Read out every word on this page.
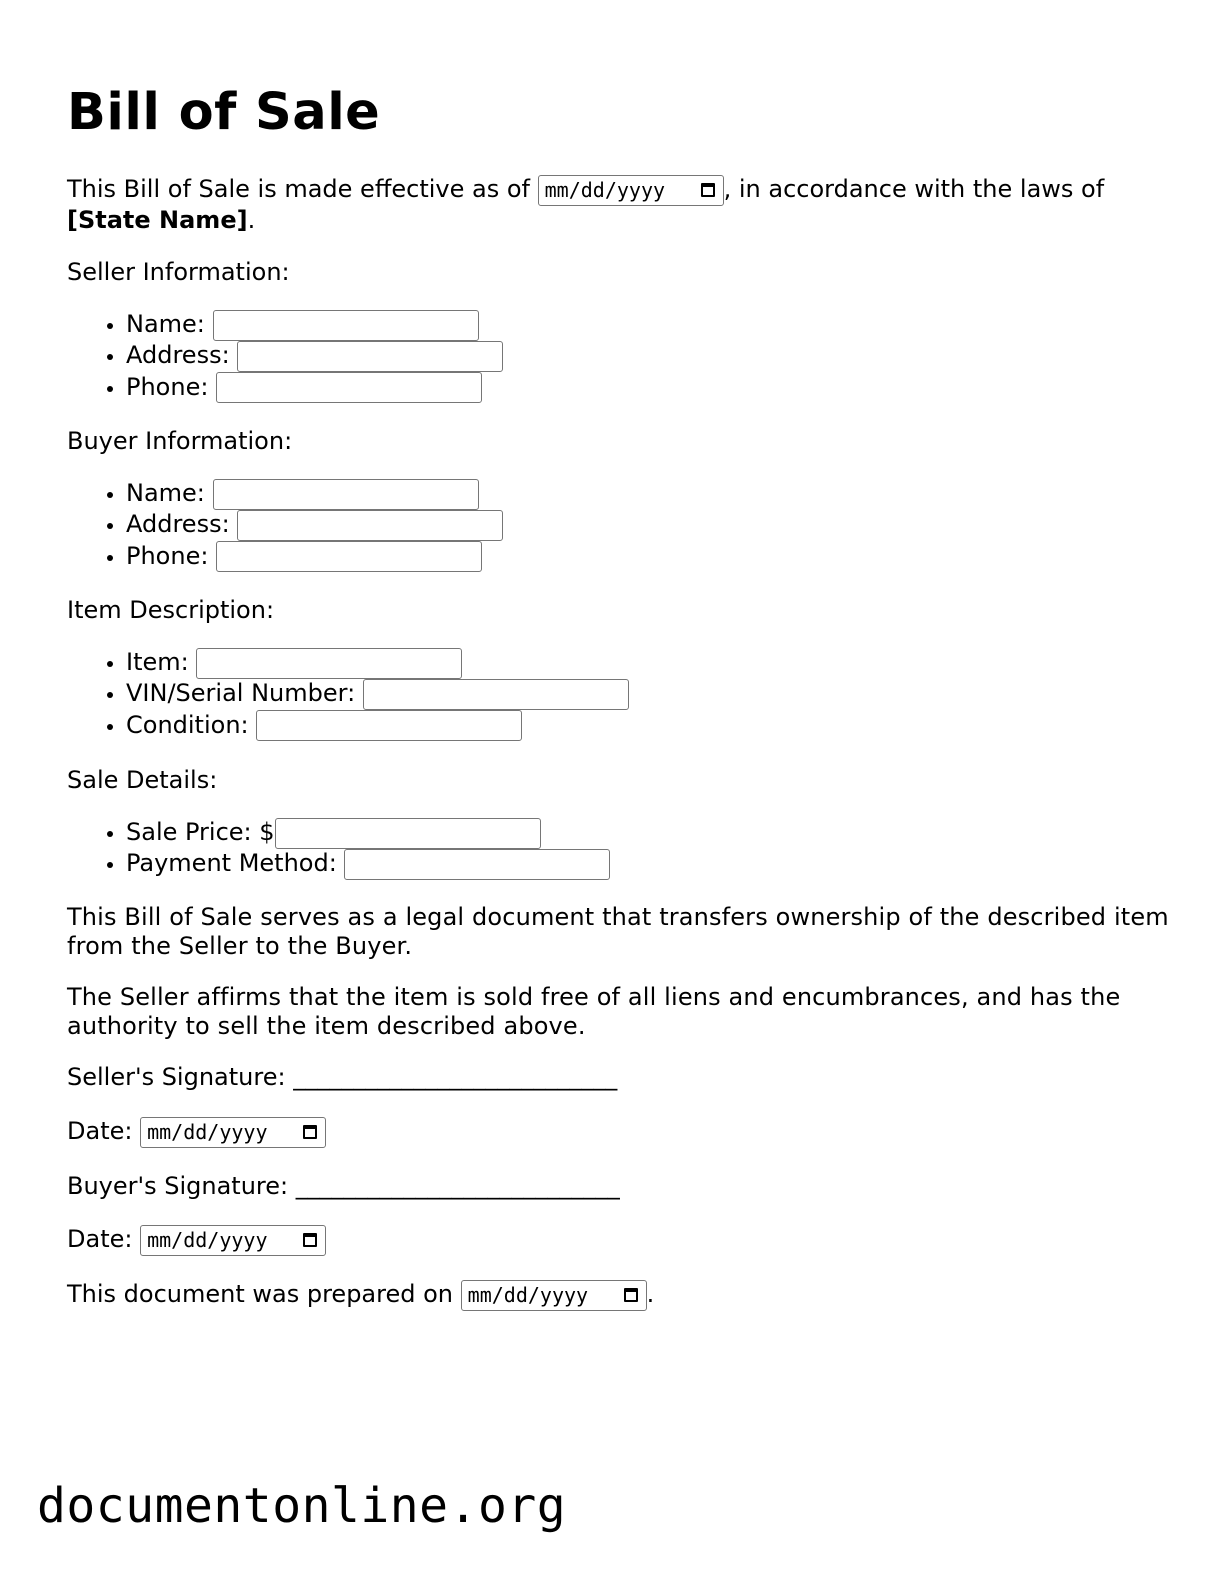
Bill of Sale
This Bill of Sale is made effective as of mm/dd/yyyy , in accordance with the laws of
[State Name].
Seller Information:
• Name:
• Address:
• Phone:
Buyer Information:
• Name:
• Address:
• Phone:
Item Description:
• Item:
• VIN/Serial Number:
• Condition:
Sale Details:
• Sale Price: $
• Payment Method:
This Bill of Sale serves as a legal document that transfers ownership of the described item from the Seller to the Buyer.
The Seller affirms that the item is sold free of all liens and encumbrances, and has the authority to sell the item described above.
Seller's Signature: ___________________________
Date: mm/dd/yyyy
Buyer's Signature: ___________________________
Date: mm/dd/yyyy
This document was prepared on mm/dd/yyyy .
documentonline.org
